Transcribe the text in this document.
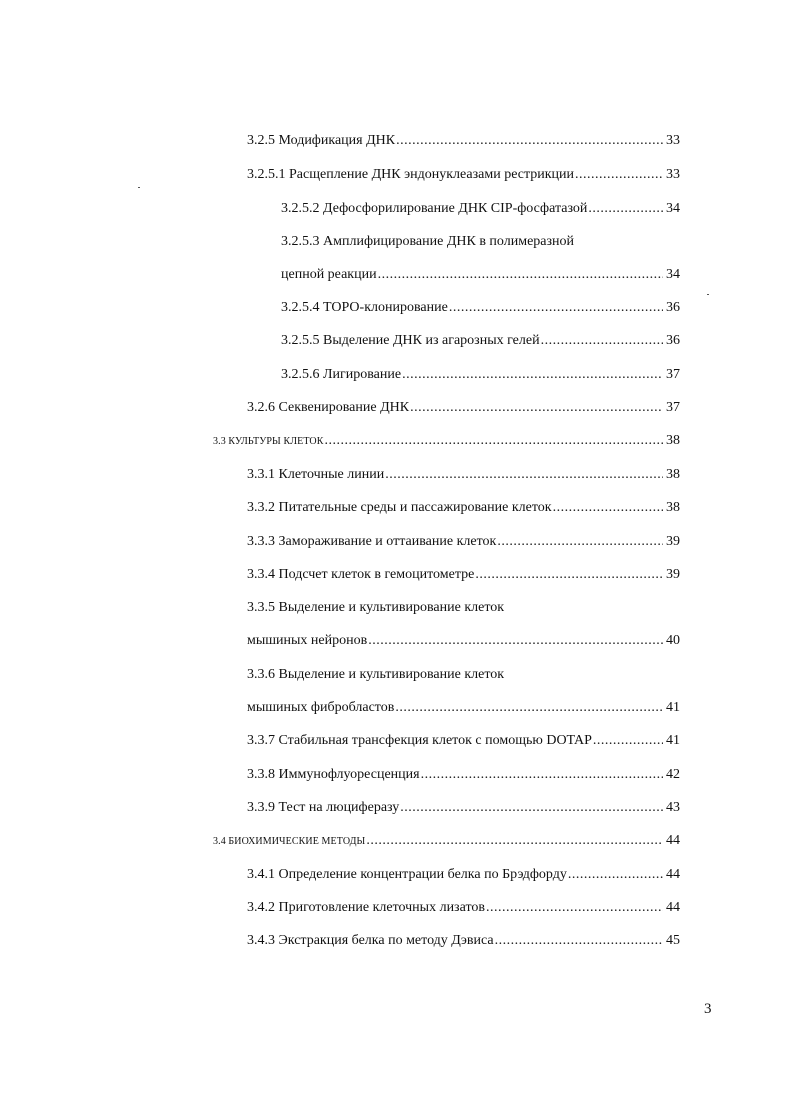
3.2.5 Модификация ДНК .....	33
3.2.5.1 Расщепление ДНК эндонуклеазами рестрикции .....	33
3.2.5.2 Дефосфорилирование ДНК CIP-фосфатазой .....	34
3.2.5.3 Амплифицирование ДНК в полимеразной
цепной реакции .....	34
3.2.5.4 ТОРО-клонирование .....	36
3.2.5.5 Выделение ДНК из агарозных гелей .....	36
3.2.5.6 Лигирование .....	37
3.2.6 Секвенирование ДНК .....	37
3.3 КУЛЬТУРЫ КЛЕТОК .....	38
3.3.1 Клеточные линии .....	38
3.3.2 Питательные среды и пассажирование клеток .....	38
3.3.3 Замораживание и оттаивание клеток .....	39
3.3.4 Подсчет клеток в гемоцитометре .....	39
3.3.5 Выделение и культивирование клеток
мышиных нейронов .....	40
3.3.6 Выделение и культивирование клеток
мышиных фибробластов .....	41
3.3.7 Стабильная трансфекция клеток с помощью DOTAP .....	41
3.3.8 Иммунофлуоресценция .....	42
3.3.9 Тест на люциферазу .....	43
3.4 БИОХИМИЧЕСКИЕ МЕТОДЫ .....	44
3.4.1 Определение концентрации белка по Брэдфорду .....	44
3.4.2 Приготовление клеточных лизатов .....	44
3.4.3 Экстракция белка по методу Дэвиса .....	45
3
